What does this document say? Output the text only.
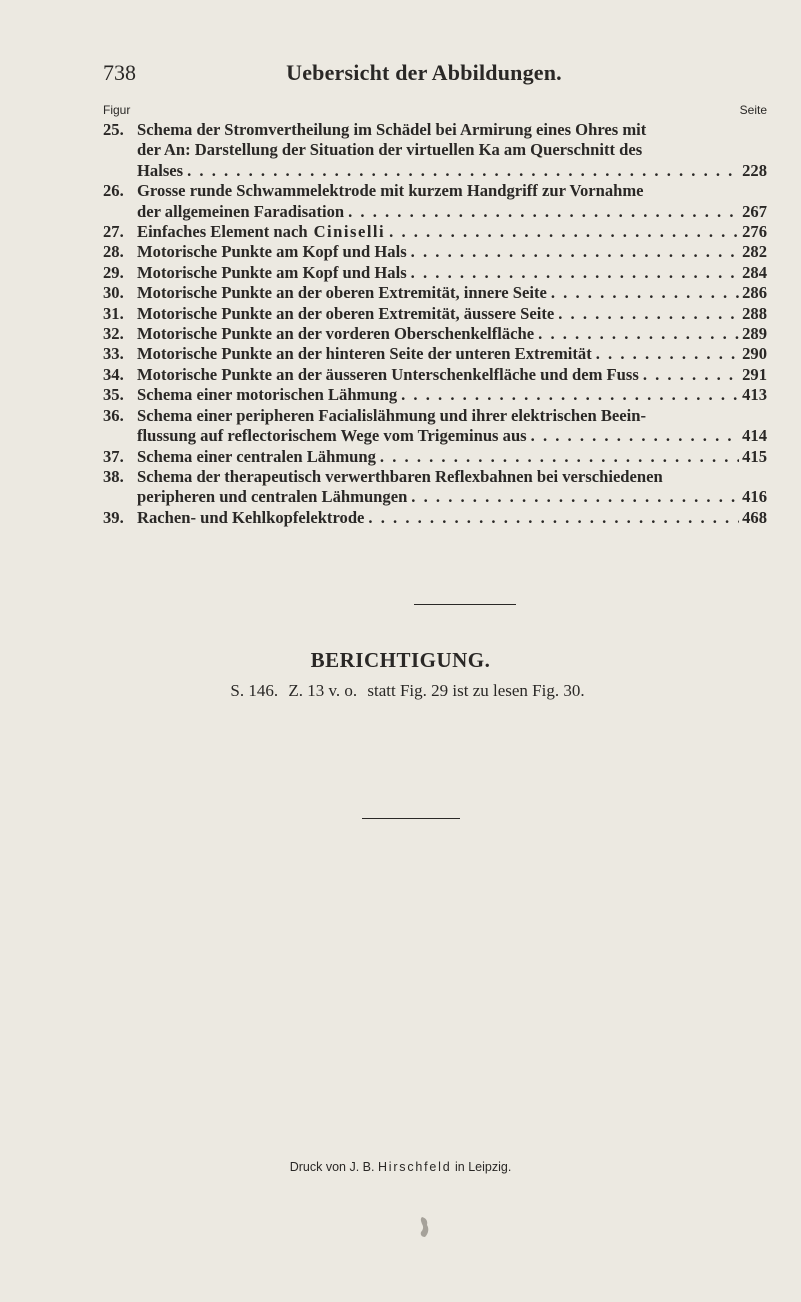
738	Uebersicht der Abbildungen.
Figur	Seite
25. Schema der Stromvertheilung im Schädel bei Armirung eines Ohres mit
der An: Darstellung der Situation der virtuellen Ka am Querschnitt des
Halses . . .	228
26. Grosse runde Schwammelektrode mit kurzem Handgriff zur Vornahme
der allgemeinen Faradisation . . .	267
27. Einfaches Element nach Ciniselli . . .	276
28. Motorische Punkte am Kopf und Hals . . .	282
29. Motorische Punkte am Kopf und Hals . . .	284
30. Motorische Punkte an der oberen Extremität, innere Seite . . .	286
31. Motorische Punkte an der oberen Extremität, äussere Seite . . .	288
32. Motorische Punkte an der vorderen Oberschenkelfläche . . .	289
33. Motorische Punkte an der hinteren Seite der unteren Extremität . . .	290
34. Motorische Punkte an der äusseren Unterschenkelfläche und dem Fuss . . .	291
35. Schema einer motorischen Lähmung . . .	413
36. Schema einer peripheren Facialislähmung und ihrer elektrischen Beein-
flussung auf reflectorischem Wege vom Trigeminus aus . . .	414
37. Schema einer centralen Lähmung . . .	415
38. Schema der therapeutisch verwerthbaren Reflexbahnen bei verschiedenen
peripheren und centralen Lähmungen . . .	416
39. Rachen- und Kehlkopfelektrode . . .	468
BERICHTIGUNG.
S. 146. Z. 13 v. o. statt Fig. 29 ist zu lesen Fig. 30.
Druck von J. B. Hirschfeld in Leipzig.
